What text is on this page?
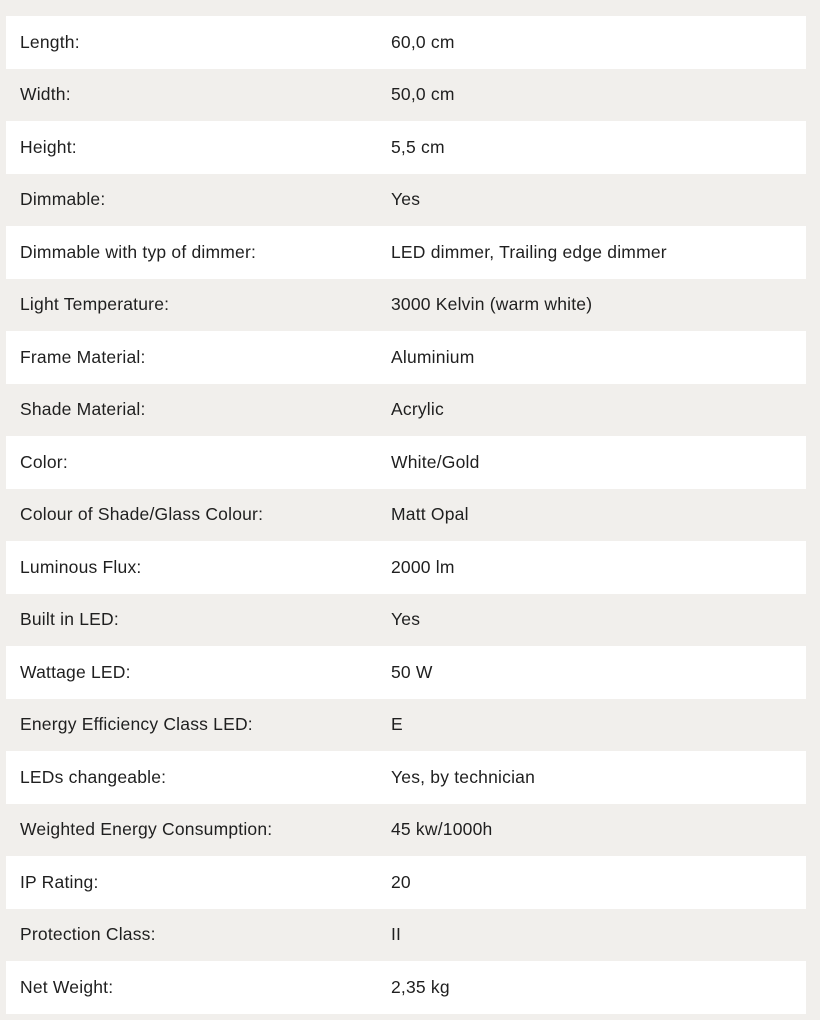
Length:	60,0 cm
Width:	50,0 cm
Height:	5,5 cm
Dimmable:	Yes
Dimmable with typ of dimmer:	LED dimmer, Trailing edge dimmer
Light Temperature:	3000 Kelvin (warm white)
Frame Material:	Aluminium
Shade Material:	Acrylic
Color:	White/Gold
Colour of Shade/Glass Colour:	Matt Opal
Luminous Flux:	2000 lm
Built in LED:	Yes
Wattage LED:	50 W
Energy Efficiency Class LED:	E
LEDs changeable:	Yes, by technician
Weighted Energy Consumption:	45 kw/1000h
IP Rating:	20
Protection Class:	II
Net Weight:	2,35 kg
